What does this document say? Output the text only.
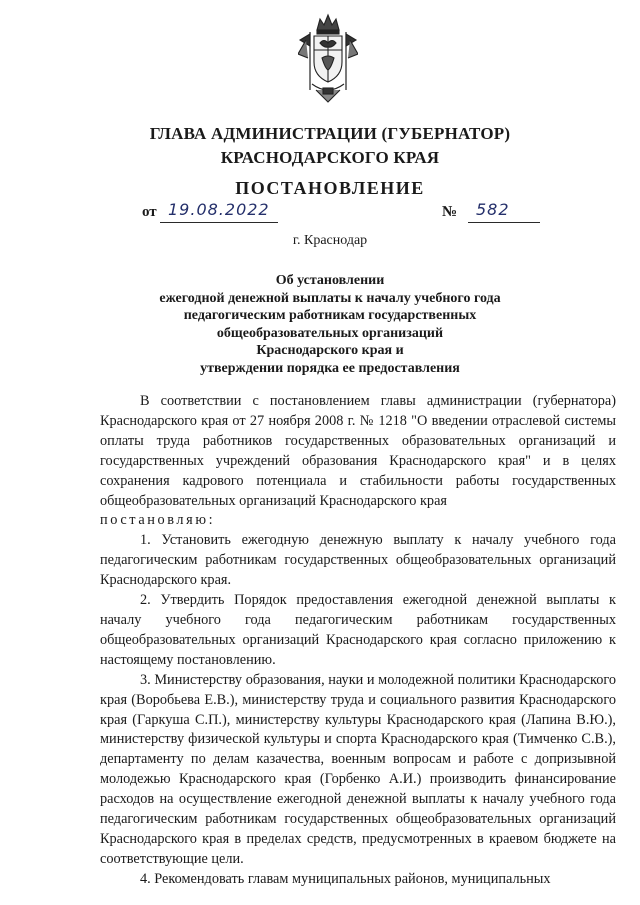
ГЛАВА АДМИНИСТРАЦИИ (ГУБЕРНАТОР)
КРАСНОДАРСКОГО КРАЯ
ПОСТАНОВЛЕНИЕ
от 19.08.2022	№ 582
г. Краснодар
Об установлении
ежегодной денежной выплаты к началу учебного года
педагогическим работникам государственных
общеобразовательных организаций
Краснодарского края и
утверждении порядка ее предоставления

В соответствии с постановлением главы администрации (губернатора) Краснодарского края от 27 ноября 2008 г. № 1218 "О введении отраслевой системы оплаты труда работников государственных образовательных организаций и государственных учреждений образования Краснодарского края" и в целях сохранения кадрового потенциала и стабильности работы государственных общеобразовательных организаций Краснодарского края

постановляю:

1. Установить ежегодную денежную выплату к началу учебного года педагогическим работникам государственных общеобразовательных организаций Краснодарского края.

2. Утвердить Порядок предоставления ежегодной денежной выплаты к началу учебного года педагогическим работникам государственных общеобразовательных организаций Краснодарского края согласно приложению к настоящему постановлению.

3. Министерству образования, науки и молодежной политики Краснодарского края (Воробьева Е.В.), министерству труда и социального развития Краснодарского края (Гаркуша С.П.), министерству культуры Краснодарского края (Лапина В.Ю.), министерству физической культуры и спорта Краснодарского края (Тимченко С.В.), департаменту по делам казачества, военным вопросам и работе с допризывной молодежью Краснодарского края (Горбенко А.И.) производить финансирование расходов на осуществление ежегодной денежной выплаты к началу учебного года педагогическим работникам государственных общеобразовательных организаций Краснодарского края в пределах средств, предусмотренных в краевом бюджете на соответствующие цели.

4. Рекомендовать главам муниципальных районов, муниципальных
